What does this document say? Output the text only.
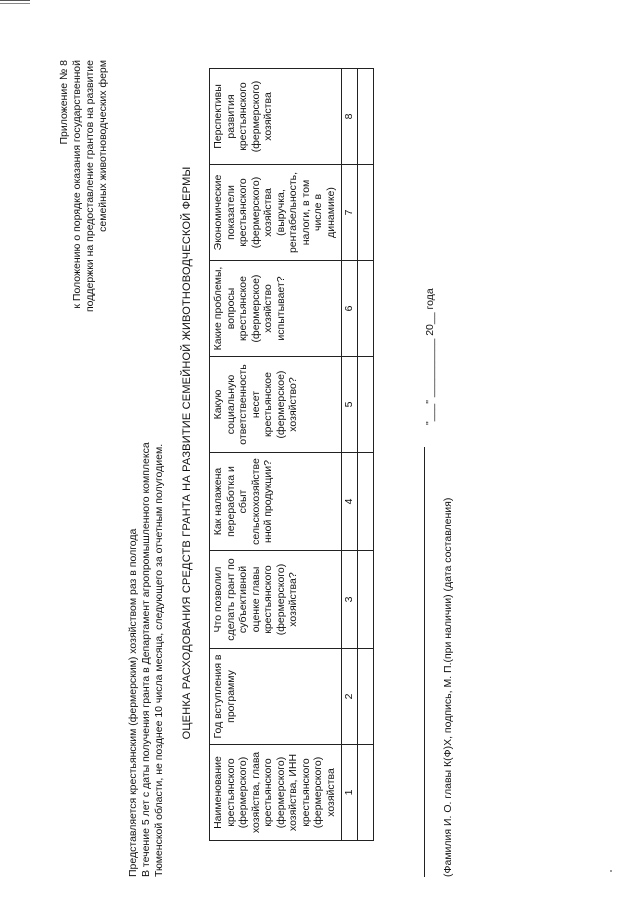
Приложение № 8 к Положению о порядке оказания государственной поддержки на предоставление грантов на развитие семейных животноводческих ферм
Представляется крестьянским (фермерским) хозяйством раз в полгода В течение 5 лет с даты получения гранта в Департамент агропромышленного комплекса Тюменской области, не позднее 10 числа месяца, следующего за отчетным полугодием. ОЦЕНКА РАСХОДОВАНИЯ СРЕДСТВ ГРАНТА НА РАЗВИТИЕ СЕМЕЙНОЙ ЖИВОТНОВОДЧЕСКОЙ ФЕРМЫ
Наименование крестьянского (фермерского) хозяйства, глава крестьянского (фермерского) хозяйства, ИНН крестьянского (фермерского) хозяйства	Год вступления в программу	Что позволил сделать грант по субъективной оценке главы крестьянского (фермерского) хозяйства?	Как налажена переработка и сбыт сельскохозяйстве нной продукции?	Какую социальную ответственность несет крестьянское (фермерское) хозяйство?	Какие проблемы, вопросы крестьянское (фермерское) хозяйство испытывает?	Экономические показатели крестьянского (фермерского) хозяйства (выручка, рентабельность, налоги, в том числе в динамике)	Перспективы развития крестьянского (фермерского) хозяйства
1	2	3	4	5	6	7	8

"___" __________ 20__ года
(Фамилия И. О. главы К(Ф)Х, подпись, М. П.(при наличии) (дата составления)
